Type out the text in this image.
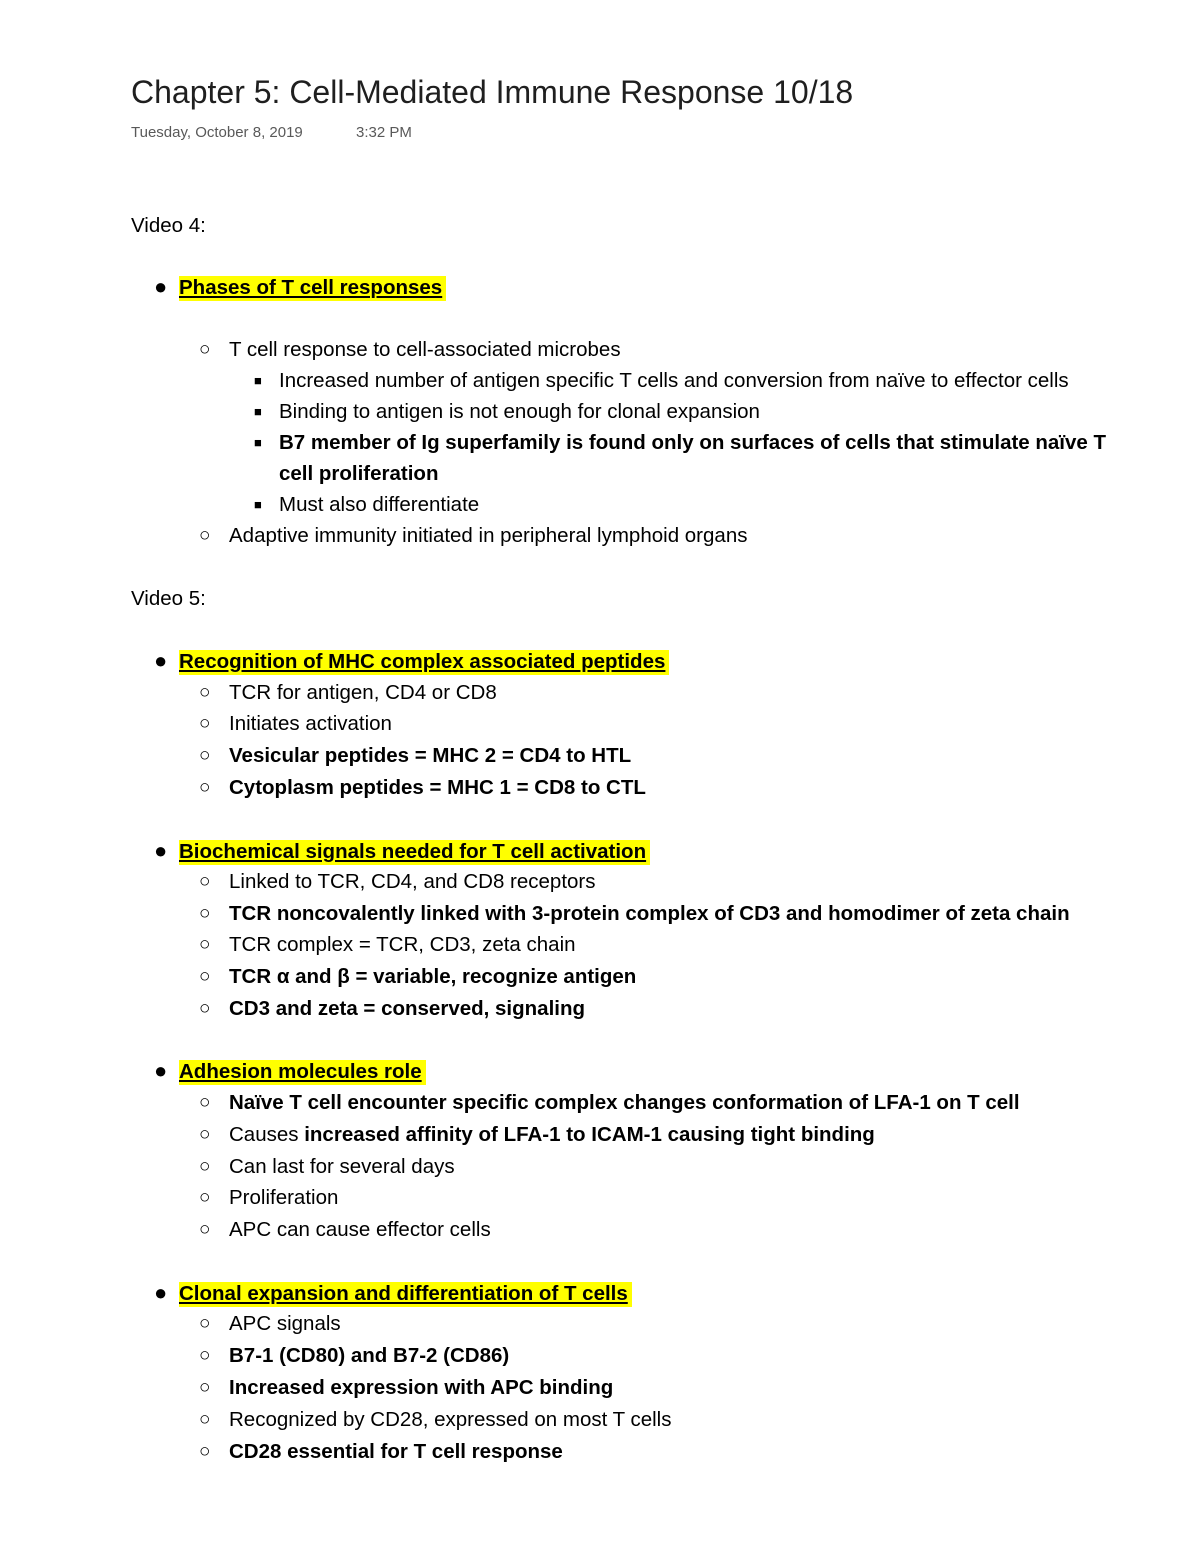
Chapter 5: Cell-Mediated Immune Response 10/18
Tuesday, October 8, 2019	3:32 PM
Video 4:
● Phases of T cell responses
○ T cell response to cell-associated microbes
■ Increased number of antigen specific T cells and conversion from naïve to effector cells
■ Binding to antigen is not enough for clonal expansion
■ B7 member of Ig superfamily is found only on surfaces of cells that stimulate naïve T
cell proliferation
■ Must also differentiate
○ Adaptive immunity initiated in peripheral lymphoid organs
Video 5:
● Recognition of MHC complex associated peptides
○ TCR for antigen, CD4 or CD8
○ Initiates activation
○ Vesicular peptides = MHC 2 = CD4 to HTL
○ Cytoplasm peptides = MHC 1 = CD8 to CTL
● Biochemical signals needed for T cell activation
○ Linked to TCR, CD4, and CD8 receptors
○ TCR noncovalently linked with 3-protein complex of CD3 and homodimer of zeta chain
○ TCR complex = TCR, CD3, zeta chain
○ TCR α and β = variable, recognize antigen
○ CD3 and zeta = conserved, signaling
● Adhesion molecules role
○ Naïve T cell encounter specific complex changes conformation of LFA-1 on T cell
○ Causes increased affinity of LFA-1 to ICAM-1 causing tight binding
○ Can last for several days
○ Proliferation
○ APC can cause effector cells
● Clonal expansion and differentiation of T cells
○ APC signals
○ B7-1 (CD80) and B7-2 (CD86)
○ Increased expression with APC binding
○ Recognized by CD28, expressed on most T cells
○ CD28 essential for T cell response
